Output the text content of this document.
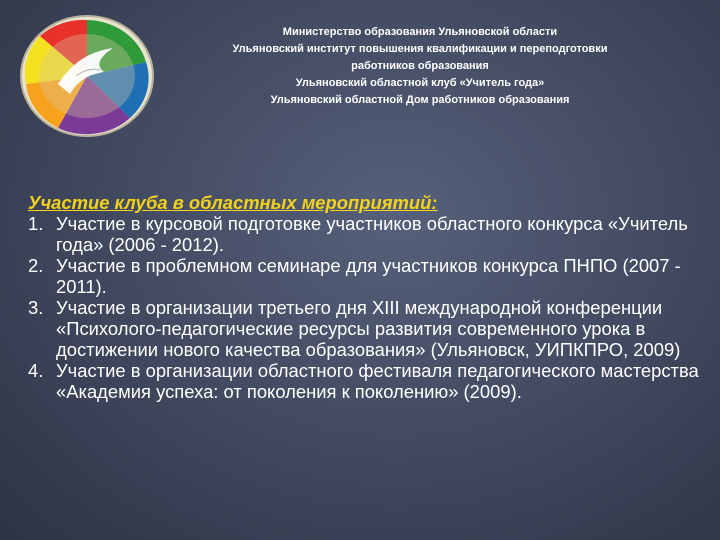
Министерство образования Ульяновской области
Ульяновский институт повышения квалификации и переподготовки
работников образования
Ульяновский областной клуб «Учитель года»
Ульяновский областной Дом работников образования
Участие клуба в областных мероприятий:
1. Участие в курсовой подготовке участников областного конкурса «Учитель года» (2006 - 2012).
2. Участие в проблемном семинаре для участников конкурса ПНПО (2007 - 2011).
3. Участие в организации третьего дня XIII международной конференции «Психолого-педагогические ресурсы развития современного урока в достижении нового качества образования» (Ульяновск, УИПКПРО, 2009)
4. Участие в организации областного фестиваля педагогического мастерства «Академия успеха: от поколения к поколению» (2009).
